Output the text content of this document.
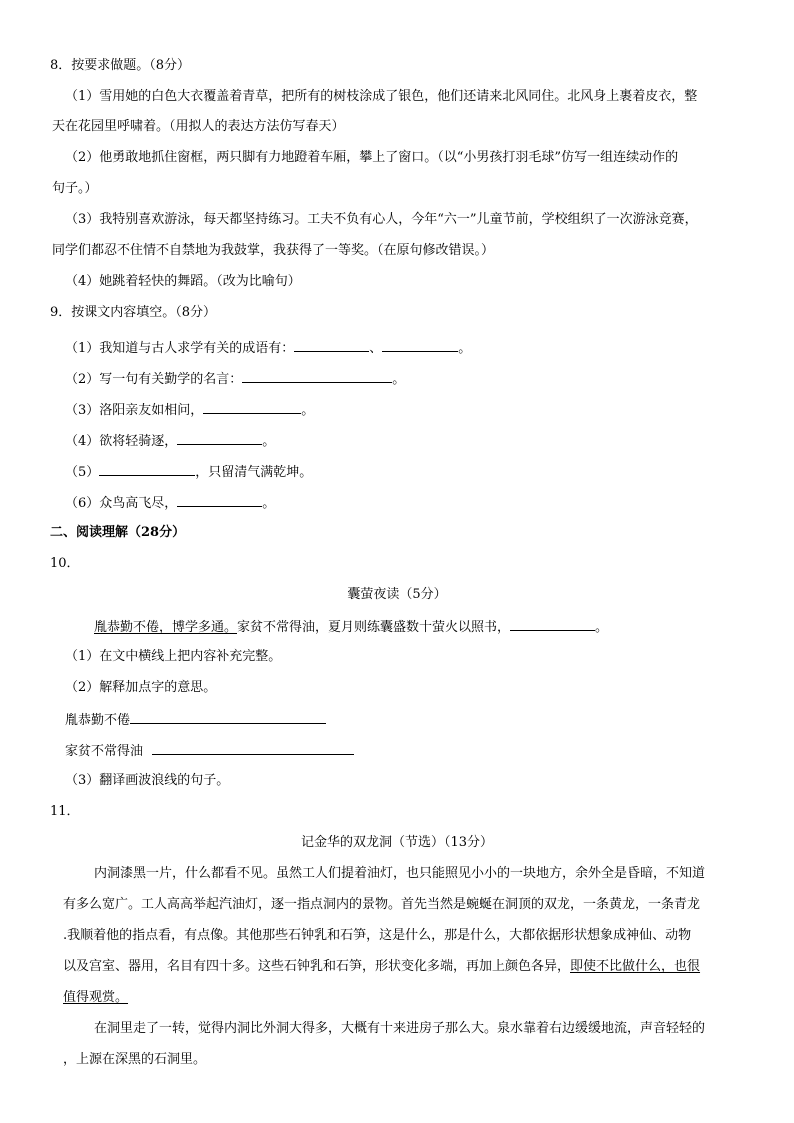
8．按要求做题。（8分）
（1）雪用她的白色大衣覆盖着青草，把所有的树枝涂成了银色，他们还请来北风同住。北风身上裹着皮衣，整
天在花园里呼啸着。（用拟人的表达方法仿写春天）
（2）他勇敢地抓住窗框，两只脚有力地蹬着车厢，攀上了窗口。（以“小男孩打羽毛球”仿写一组连续动作的
句子。）
（3）我特别喜欢游泳，每天都坚持练习。工夫不负有心人，今年“六一”儿童节前，学校组织了一次游泳竞赛，
同学们都忍不住情不自禁地为我鼓掌，我获得了一等奖。（在原句修改错误。）
（4）她跳着轻快的舞蹈。（改为比喻句）
9．按课文内容填空。（8分）
（1）我知道与古人求学有关的成语有：	、	。
（2）写一句有关勤学的名言：	。
（3）洛阳亲友如相问，	。
（4）欲将轻骑逐，	。
（5）	，只留清气满乾坤。
（6）众鸟高飞尽，	。
二、阅读理解（28分）
10．
囊萤夜读（5分）
胤恭勤不倦，博学多通。家贫不常得油，夏月则练囊盛数十萤火以照书，	。
（1）在文中横线上把内容补充完整。
（2）解释加点字的意思。
胤恭勤不倦
家贫不常得油
（3）翻译画波浪线的句子。
11．
记金华的双龙洞（节选）（13分）
内洞漆黑一片，什么都看不见。虽然工人们提着油灯，也只能照见小小的一块地方，余外全是昏暗，不知道
有多么宽广。工人高高举起汽油灯，逐一指点洞内的景物。首先当然是蜿蜒在洞顶的双龙，一条黄龙，一条青龙
.我顺着他的指点看，有点像。其他那些石钟乳和石笋，这是什么，那是什么，大都依据形状想象成神仙、动物
以及宫室、器用，名目有四十多。这些石钟乳和石笋，形状变化多端，再加上颜色各异，即使不比做什么，也很
值得观赏。
在洞里走了一转，觉得内洞比外洞大得多，大概有十来进房子那么大。泉水靠着右边缓缓地流，声音轻轻的
，上源在深黑的石洞里。
